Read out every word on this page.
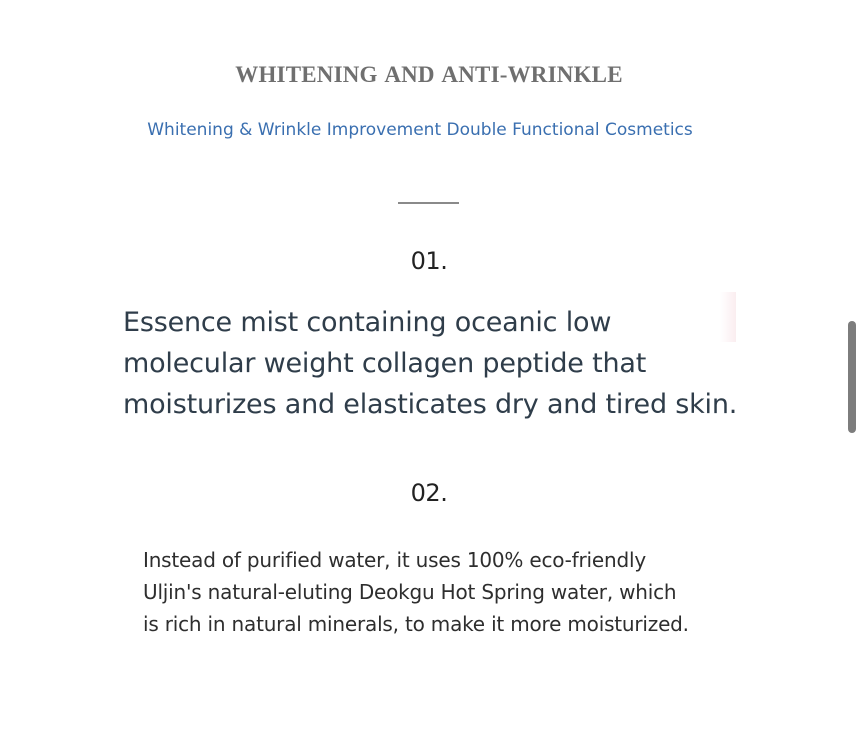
WHITENING AND ANTI-WRINKLE
Whitening & Wrinkle Improvement Double Functional Cosmetics
01.
Essence mist containing oceanic low
molecular weight collagen peptide that
moisturizes and elasticates dry and tired skin.
02.
Instead of purified water, it uses 100% eco-friendly
Uljin's natural-eluting Deokgu Hot Spring water, which
is rich in natural minerals, to make it more moisturized.
